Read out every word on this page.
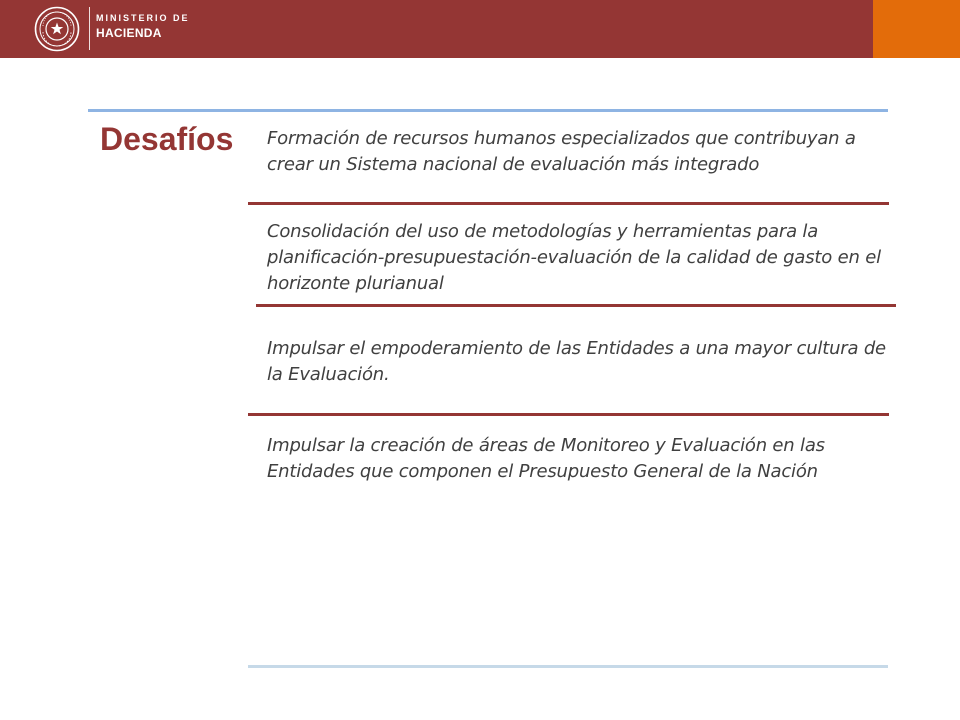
MINISTERIO DE
HACIENDA
Desafíos Formación de recursos humanos especializados que contribuyan a crear un Sistema nacional de evaluación más integrado
Consolidación del uso de metodologías y herramientas para la planificación-presupuestación-evaluación de la calidad de gasto en el horizonte plurianual
Impulsar el empoderamiento de las Entidades a una mayor cultura de la Evaluación.
Impulsar la creación de áreas de Monitoreo y Evaluación en las Entidades que componen el Presupuesto General de la Nación
